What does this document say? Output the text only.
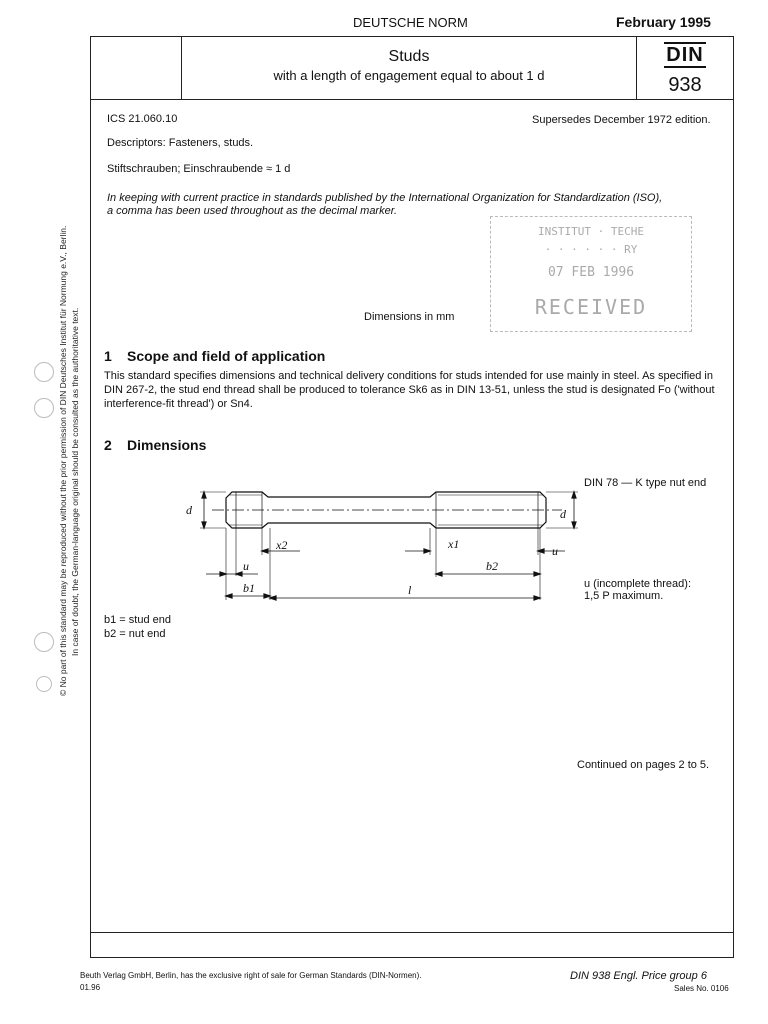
DEUTSCHE NORM	February 1995
Studs
with a length of engagement equal to about 1 d
DIN
938
ICS 21.060.10	Supersedes December 1972 edition.
Descriptors: Fasteners, studs.
Stiftschrauben; Einschraubende ≈ 1 d
In keeping with current practice in standards published by the International Organization for Standardization (ISO),
a comma has been used throughout as the decimal marker.
INSTITUT · TECHE
· · · · · · RY
07 FEB 1996
RECEIVED
Dimensions in mm
1 Scope and field of application
This standard specifies dimensions and technical delivery conditions for studs intended for use mainly in steel. As specified in DIN 267-2, the stud end thread shall be produced to tolerance Sk6 as in DIN 13-51, unless the stud is designated Fo ('without interference-fit thread') or Sn4.
2 Dimensions
DIN 78 — K type nut end
d	d
x2	x1	u
u	b2
b1	l	u (incomplete thread):
1,5 P maximum.
b1 = stud end
b2 = nut end
Continued on pages 2 to 5.
Beuth Verlag GmbH, Berlin, has the exclusive right of sale for German Standards (DIN-Normen).
01.96
DIN 938 Engl. Price group 6
Sales No. 0106
© No part of this standard may be reproduced without the prior permission of DIN Deutsches Institut für Normung e.V., Berlin. In case of doubt, the German-language original should be consulted as the authoritative text.
